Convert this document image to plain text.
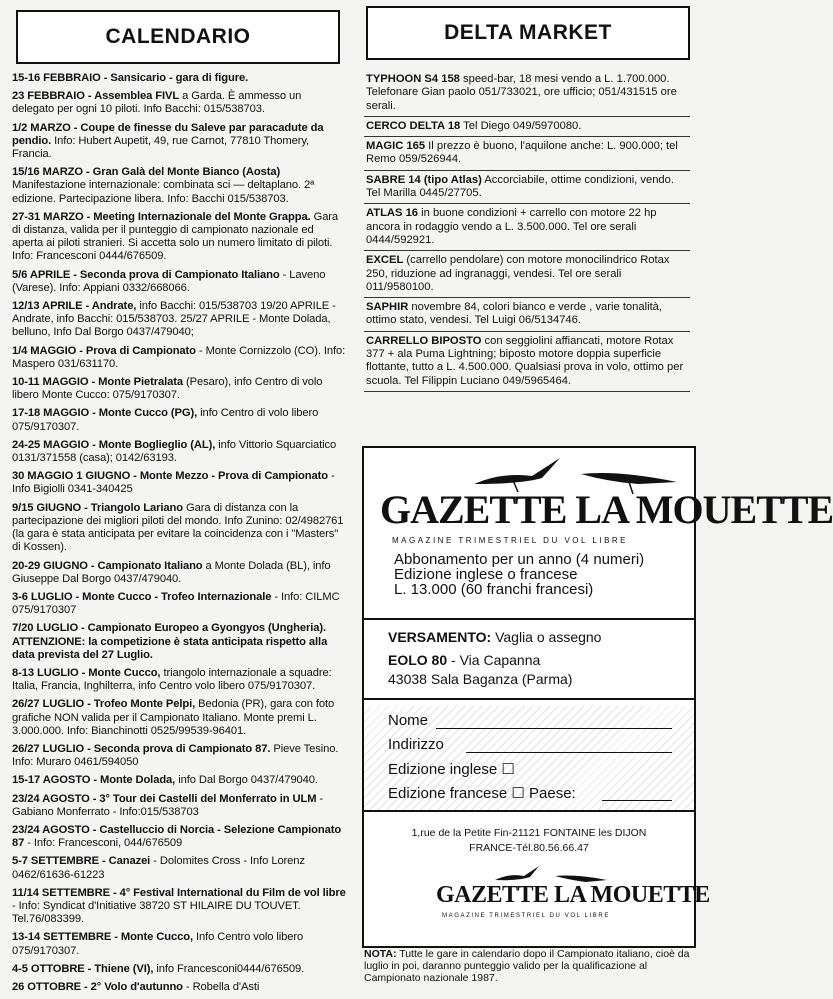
CALENDARIO
15-16 FEBBRAIO - Sansicario - gara di figure.
23 FEBBRAIO - Assemblea FIVL a Garda. È ammesso un delegato per ogni 10 piloti. Info Bacchi: 015/538703.
1/2 MARZO - Coupe de finesse du Saleve par paracadute da pendio. Info: Hubert Aupetit, 49, rue Carnot, 77810 Thomery, Francia.
15/16 MARZO - Gran Galà del Monte Bianco (Aosta) Manifestazione internazionale: combinata sci — deltaplano. 2ª edizione. Partecipazione libera. Info: Bacchi 015/538703.
27-31 MARZO - Meeting Internazionale del Monte Grappa. Gara di distanza, valida per il punteggio di campionato nazionale ed aperta ai piloti stranieri. Si accetta solo un numero limitato di piloti. Info: Francesconi 0444/676509.
5/6 APRILE - Seconda prova di Campionato Italiano - Laveno (Varese). Info: Appiani 0332/668066.
12/13 APRILE - Andrate, info Bacchi: 015/538703 19/20 APRILE - Andrate, info Bacchi: 015/538703. 25/27 APRILE - Monte Dolada, belluno, Info Dal Borgo 0437/479040;
1/4 MAGGIO - Prova di Campionato - Monte Cornizzolo (CO). Info: Maspero 031/631170.
10-11 MAGGIO - Monte Pietralata (Pesaro), info Centro di volo libero Monte Cucco: 075/9170307.
17-18 MAGGIO - Monte Cucco (PG), info Centro di volo libero 075/9170307.
24-25 MAGGIO - Monte Boglieglio (AL), info Vittorio Squarciatico 0131/371558 (casa); 0142/63193.
30 MAGGIO 1 GIUGNO - Monte Mezzo - Prova di Campionato - Info Bigiolli 0341-340425
9/15 GIUGNO - Triangolo Lariano Gara di distanza con la partecipazione dei migliori piloti del mondo. Info Zunino: 02/4982761 (la gara è stata anticipata per evitare la coincidenza con i "Masters" di Kossen).
20-29 GIUGNO - Campionato Italiano a Monte Dolada (BL), info Giuseppe Dal Borgo 0437/479040.
3-6 LUGLIO - Monte Cucco - Trofeo Internazionale - Info: CILMC 075/9170307
7/20 LUGLIO - Campionato Europeo a Gyongyos (Ungheria). ATTENZIONE: la competizione è stata anticipata rispetto alla data prevista del 27 Luglio.
8-13 LUGLIO - Monte Cucco, triangolo internazionale a squadre: Italia, Francia, Inghilterra, info Centro volo libero 075/9170307.
26/27 LUGLIO - Trofeo Monte Pelpi, Bedonia (PR), gara con foto grafiche NON valida per il Campionato Italiano. Monte premi L. 3.000.000. Info: Bianchinotti 0525/99539-96401.
26/27 LUGLIO - Seconda prova di Campionato 87. Pieve Tesino. Info: Muraro 0461/594050
15-17 AGOSTO - Monte Dolada, info Dal Borgo 0437/479040.
23/24 AGOSTO - 3° Tour dei Castelli del Monferrato in ULM - Gabiano Monferrato - Info:015/538703
23/24 AGOSTO - Castelluccio di Norcia - Selezione Campionato 87 - Info: Francesconi, 044/676509
5-7 SETTEMBRE - Canazei - Dolomites Cross - Info Lorenz 0462/61636-61223
11/14 SETTEMBRE - 4° Festival International du Film de vol libre - Info: Syndicat d'Initiative 38720 ST HILAIRE DU TOUVET. Tel.76/083399.
13-14 SETTEMBRE - Monte Cucco, Info Centro volo libero 075/9170307.
4-5 OTTOBRE - Thiene (VI), info Francesconi0444/676509.
26 OTTOBRE - 2° Volo d'autunno - Robella d'Asti
DELTA MARKET
TYPHOON S4 158 speed-bar, 18 mesi vendo a L. 1.700.000. Telefonare Gian paolo 051/733021, ore ufficio; 051/431515 ore serali.
CERCO DELTA 18 Tel Diego 049/5970080.
MAGIC 165 Il prezzo è buono, l'aquilone anche: L. 900.000; tel Remo 059/526944.
SABRE 14 (tipo Atlas) Accorciabile, ottime condizioni, vendo. Tel Marilla 0445/27705.
ATLAS 16 in buone condizioni + carrello con motore 22 hp ancora in rodaggio vendo a L. 3.500.000. Tel ore serali 0444/592921.
EXCEL (carrello pendolare) con motore monocilindrico Rotax 250, riduzione ad ingranaggi, vendesi. Tel ore serali 011/9580100.
SAPHIR novembre 84, colori bianco e verde , varie tonalità, ottimo stato, vendesi. Tel Luigi 06/5134746.
CARRELLO BIPOSTO con seggiolini affiancati, motore Rotax 377 + ala Puma Lightning; biposto motore doppia superficie flottante, tutto a L. 4.500.000. Qualsiasi prova in volo, ottimo per scuola. Tel Filippin Luciano 049/5965464.
GAZETTE LA MOUETTE
MAGAZINE TRIMESTRIEL DU VOL LIBRE
Abbonamento per un anno (4 numeri)
Edizione inglese o francese
L. 13.000 (60 franchi francesi)
VERSAMENTO: Vaglia o assegno
EOLO 80 - Via Capanna
43038 Sala Baganza (Parma)
Nome
Indirizzo
Edizione inglese ☐
Edizione francese ☐ Paese:
1,rue de la Petite Fin-21121 FONTAINE les DIJON
FRANCE-Tél.80.56.66.47
GAZETTE LA MOUETTE
MAGAZINE TRIMESTRIEL DU VOL LIBRE
NOTA: Tutte le gare in calendario dopo il Campionato italiano, cioè da luglio in poi, daranno punteggio valido per la qualificazione al Campionato nazionale 1987.
